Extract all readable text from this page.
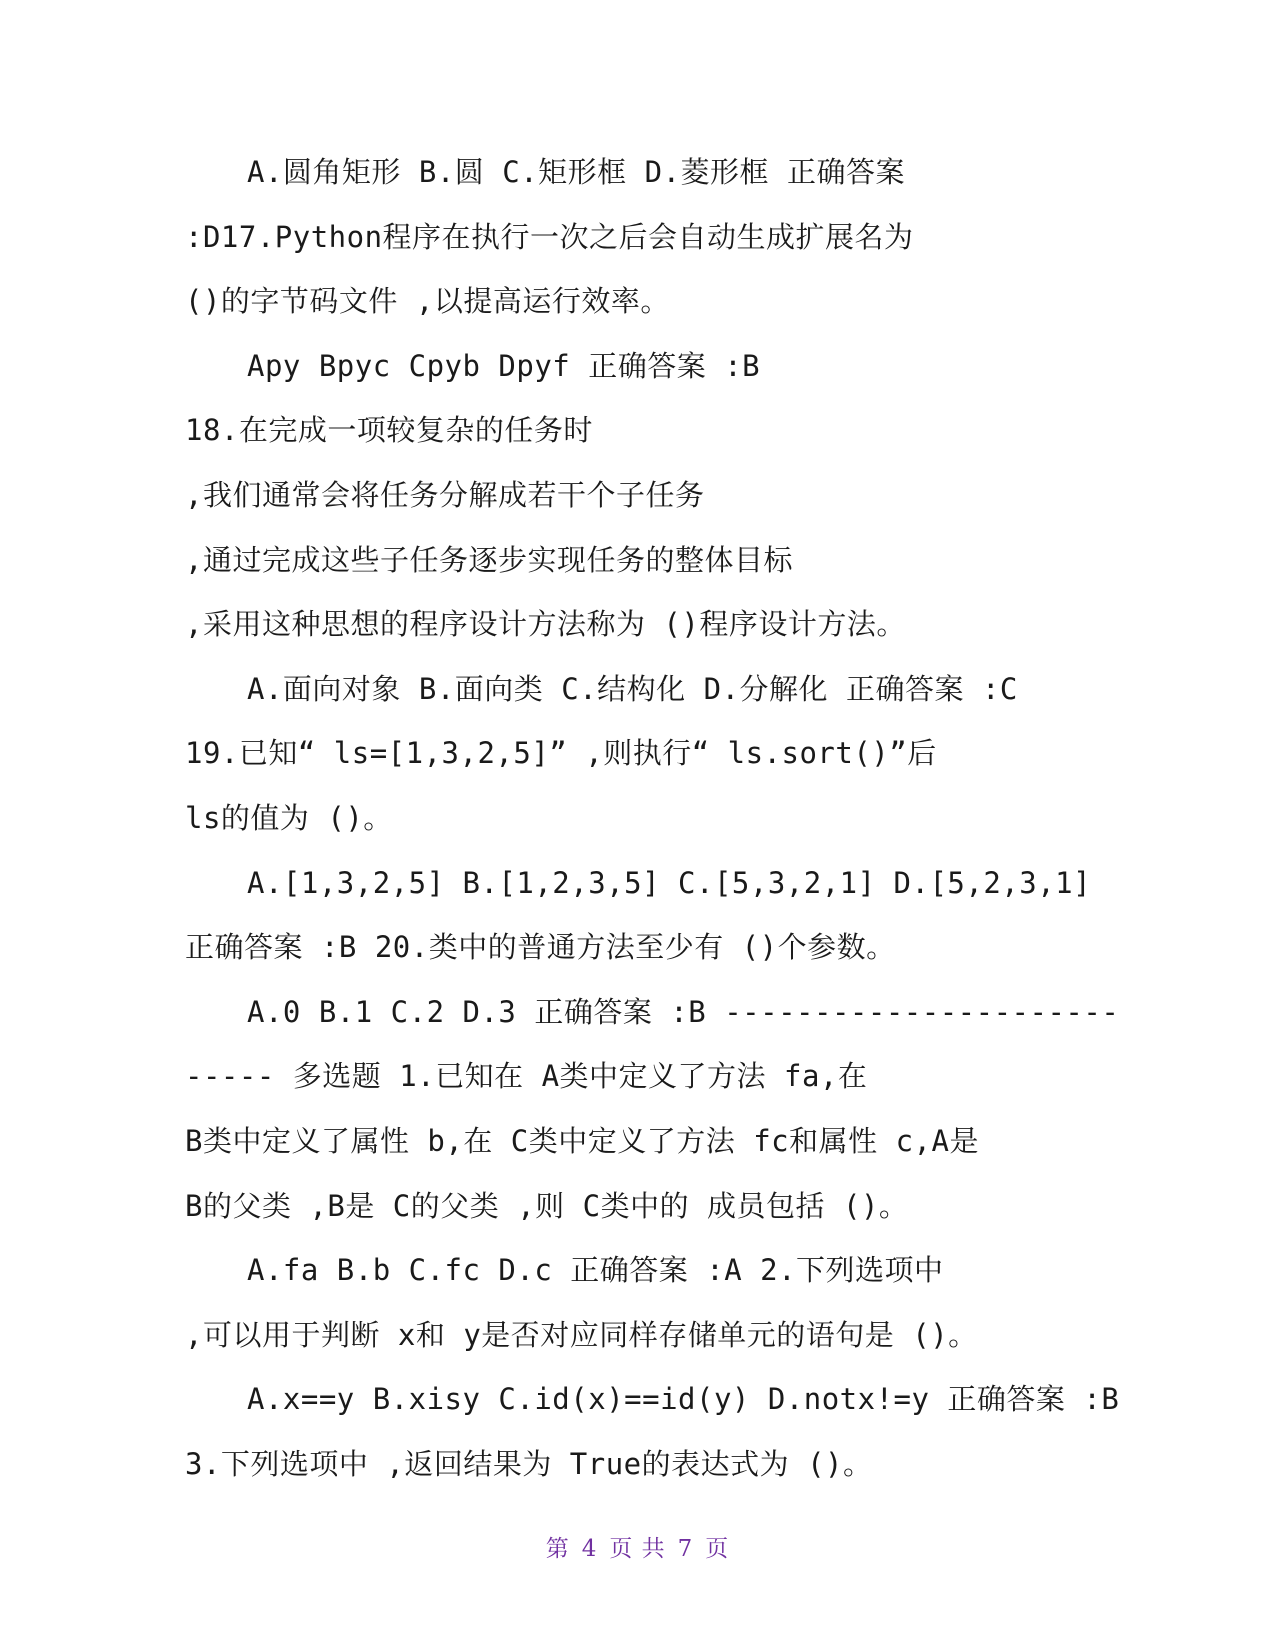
A.圆角矩形 B.圆 C.矩形框 D.菱形框 正确答案
:D17.Python程序在执行一次之后会自动生成扩展名为
()的字节码文件 ,以提高运行效率。
Apy Bpyc Cpyb Dpyf 正确答案 :B
18.在完成一项较复杂的任务时
,我们通常会将任务分解成若干个子任务
,通过完成这些子任务逐步实现任务的整体目标
,采用这种思想的程序设计方法称为 ()程序设计方法。
A.面向对象 B.面向类 C.结构化 D.分解化 正确答案 :C
19.已知“ ls=[1,3,2,5]” ,则执行“ ls.sort()”后
ls的值为 ()。
A.[1,3,2,5] B.[1,2,3,5] C.[5,3,2,1] D.[5,2,3,1]
正确答案 :B 20.类中的普通方法至少有 ()个参数。
A.0 B.1 C.2 D.3 正确答案 :B ----------------------
----- 多选题 1.已知在 A类中定义了方法 fa,在
B类中定义了属性 b,在 C类中定义了方法 fc和属性 c,A是
B的父类 ,B是 C的父类 ,则 C类中的 成员包括 ()。
A.fa B.b C.fc D.c 正确答案 :A 2.下列选项中
,可以用于判断 x和 y是否对应同样存储单元的语句是 ()。
A.x==y B.xisy C.id(x)==id(y) D.notx!=y 正确答案 :B
3.下列选项中 ,返回结果为 True的表达式为 ()。
第 4 页 共 7 页
